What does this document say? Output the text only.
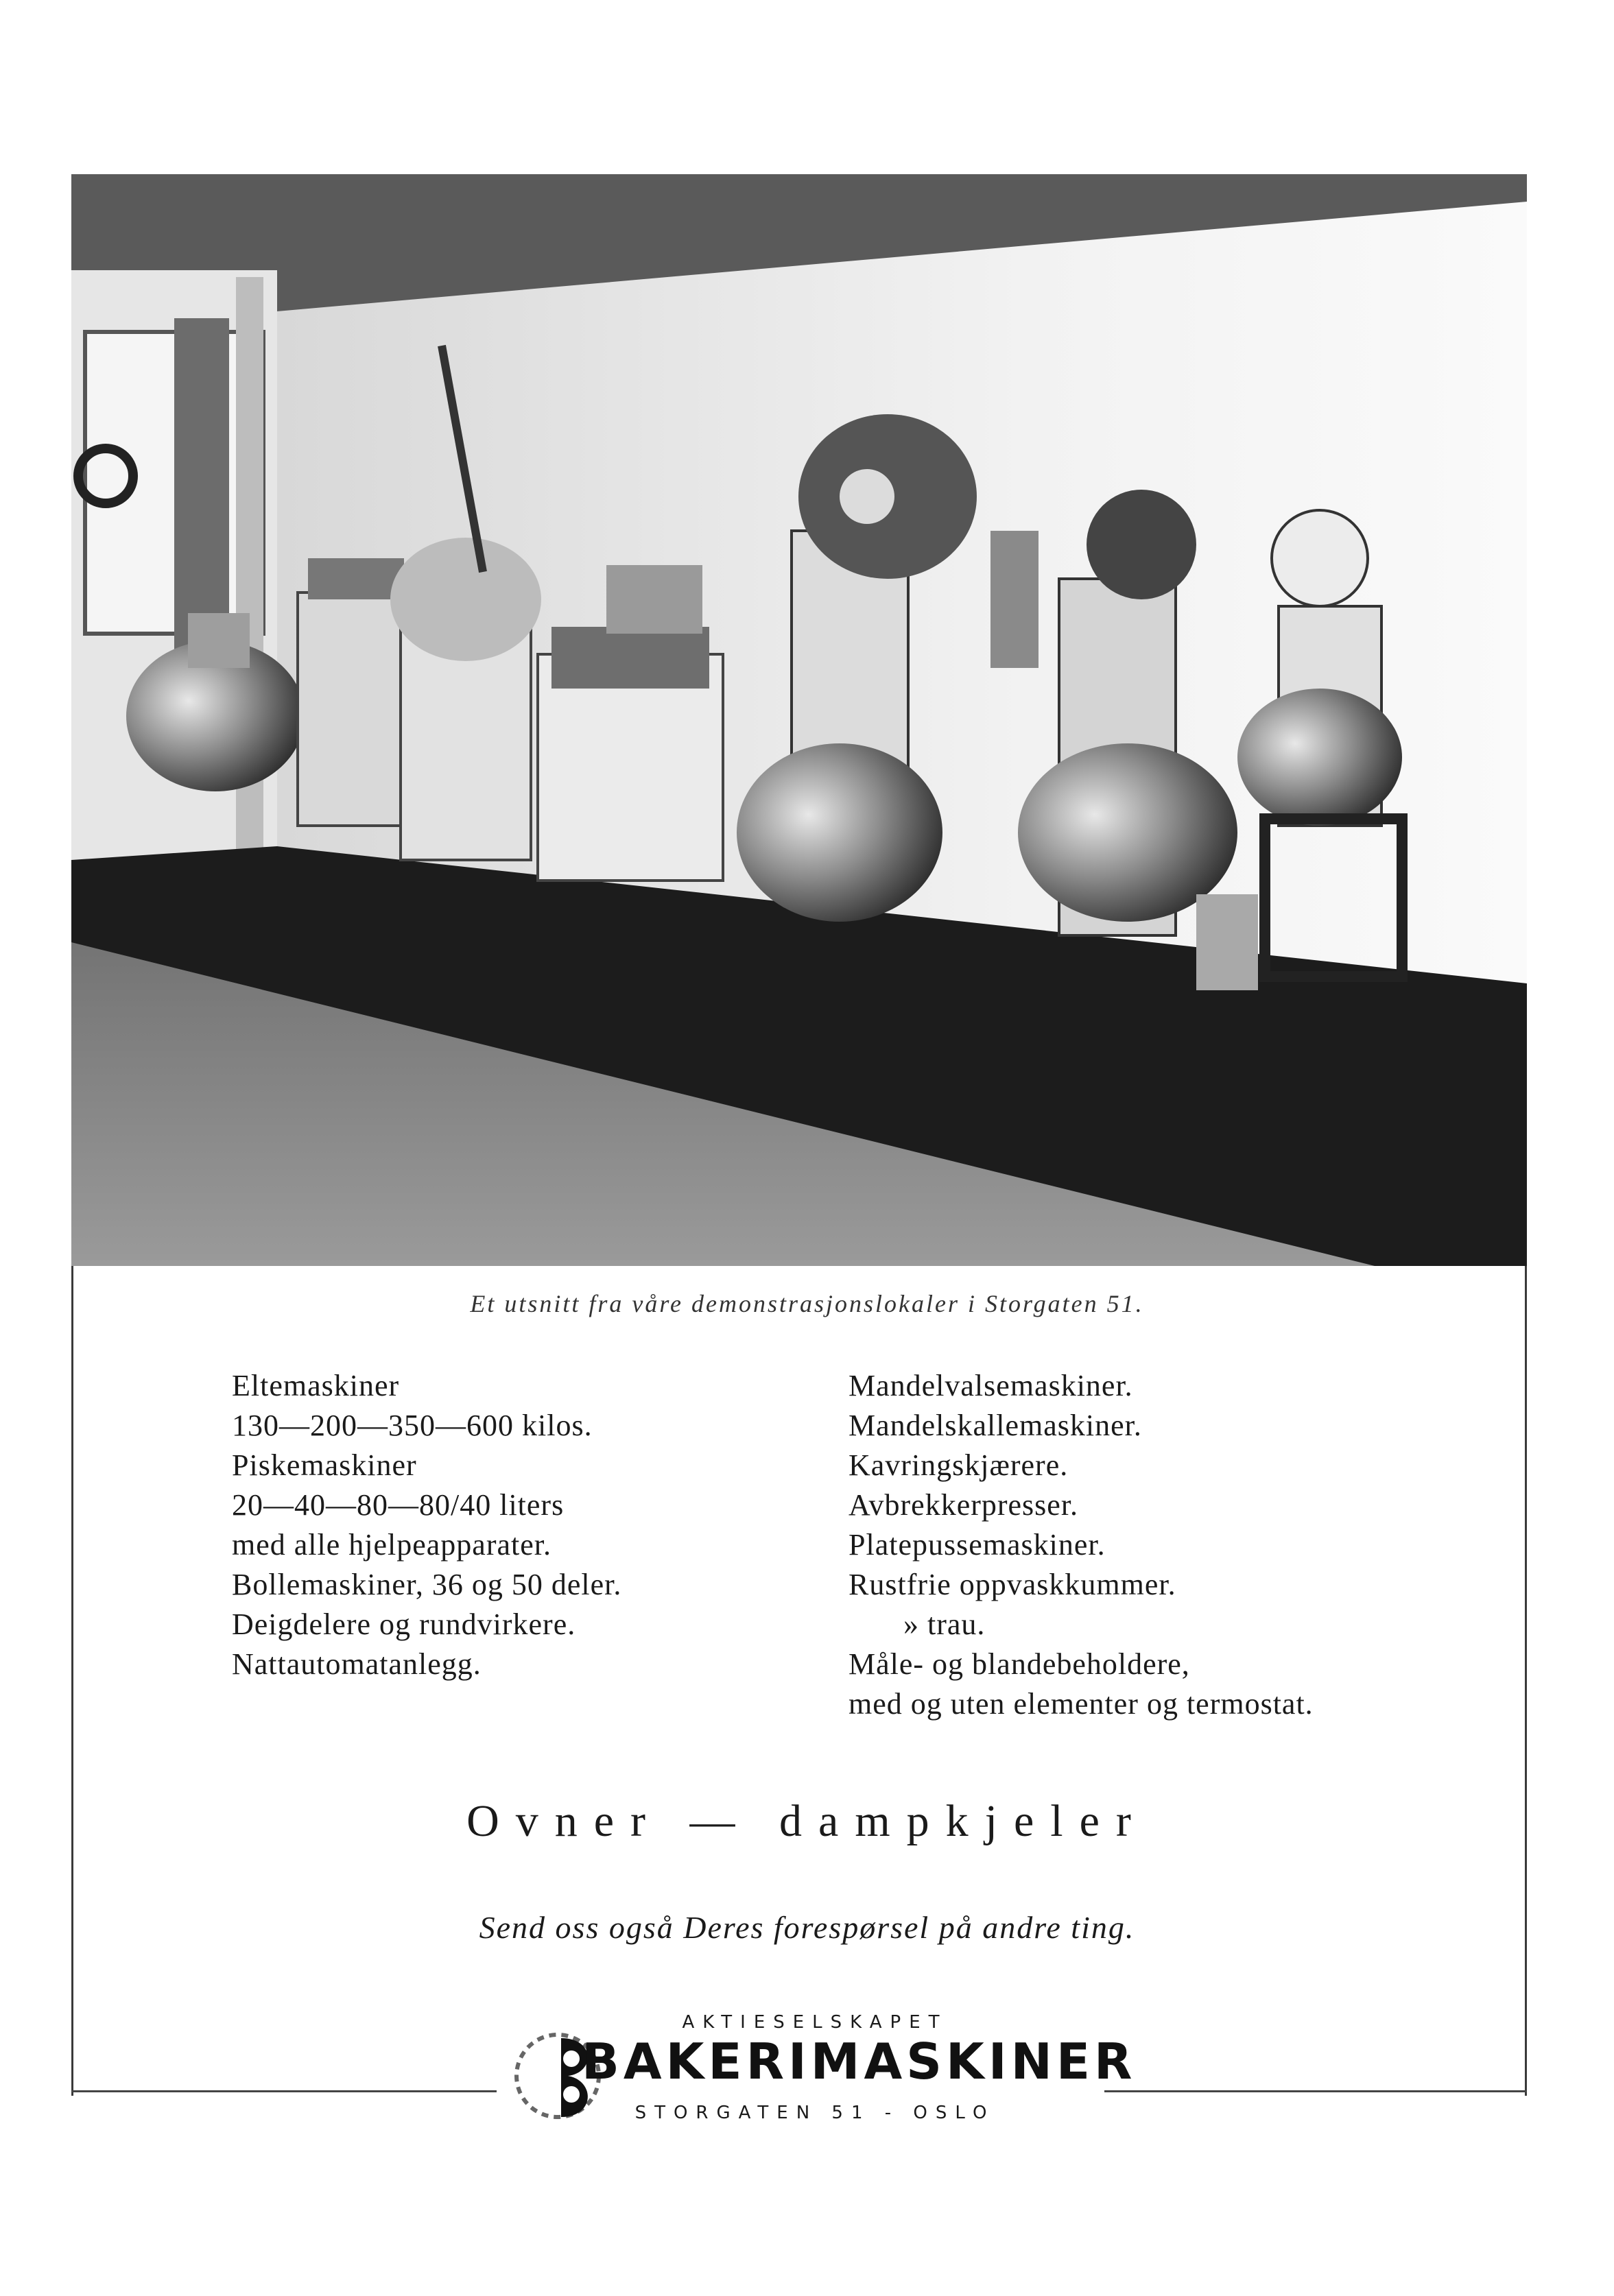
Et utsnitt fra våre demonstrasjonslokaler i Storgaten 51.
Eltemaskiner
130—200—350—600 kilos.
Piskemaskiner
20—40—80—80/40 liters
med alle hjelpeapparater.
Bollemaskiner, 36 og 50 deler.
Deigdelere og rundvirkere.
Nattautomatanlegg.
Mandelvalsemaskiner.
Mandelskallemaskiner.
Kavringskjærere.
Avbrekkerpresser.
Platepussemaskiner.
Rustfrie oppvaskkummer.
» trau.
Måle- og blandebeholdere,
med og uten elementer og termostat.
Ovner — dampkjeler
Send oss også Deres forespørsel på andre ting.
AKTIESELSKAPET
BAKERIMASKINER
STORGATEN 51 - OSLO
